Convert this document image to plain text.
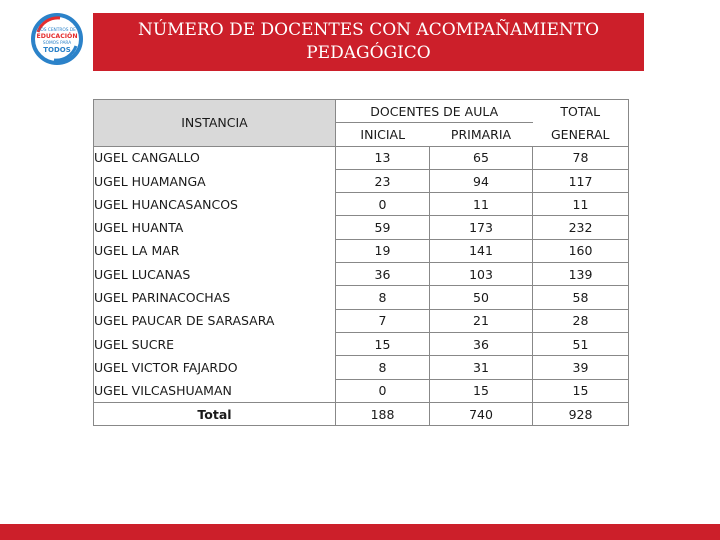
LOS CENTROS DE
EDUCACIÓN
SOMOS PARA
TODOS
NÚMERO DE DOCENTES CON ACOMPAÑAMIENTO
PEDAGÓGICO
INSTANCIA	DOCENTES DE AULA		TOTAL
	INICIAL	PRIMARIA	GENERAL
UGEL CANGALLO	13	65	78
UGEL HUAMANGA	23	94	117
UGEL HUANCASANCOS	0	11	11
UGEL HUANTA	59	173	232
UGEL LA MAR	19	141	160
UGEL LUCANAS	36	103	139
UGEL PARINACOCHAS	8	50	58
UGEL PAUCAR DE SARASARA	7	21	28
UGEL SUCRE	15	36	51
UGEL VICTOR FAJARDO	8	31	39
UGEL VILCASHUAMAN	0	15	15
Total	188	740	928
